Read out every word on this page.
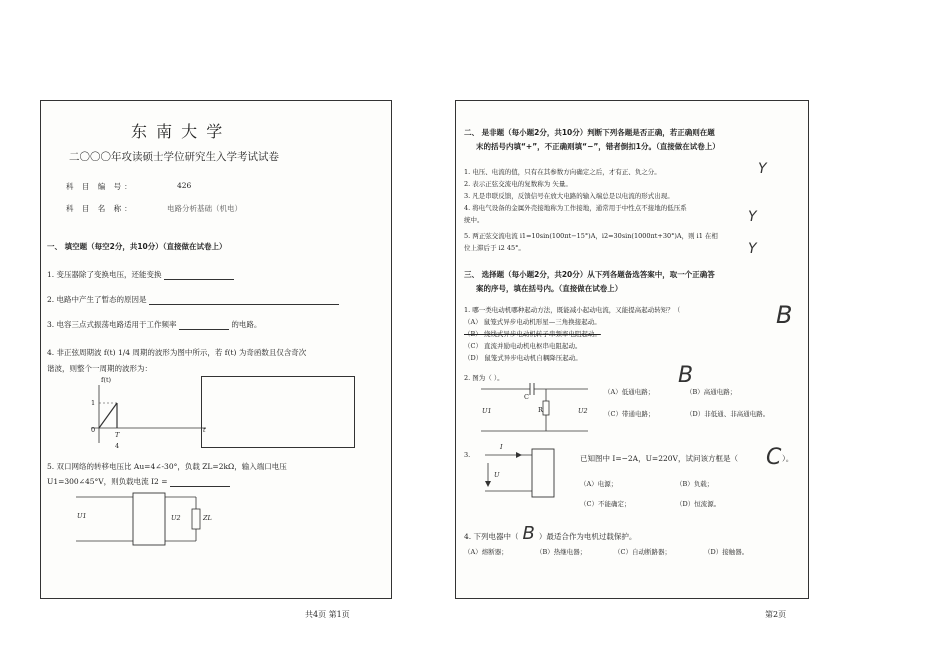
东 南 大 学
二〇〇〇年攻读硕士学位研究生入学考试试卷
科 目 编 号：	426
科 目 名 称：	电路分析基础（机电）
一、 填空题（每空2分，共10分）（直接做在试卷上）
1. 变压器除了变换电压，还能变换
2. 电路中产生了暂态的原因是
3. 电容三点式振荡电路适用于工作频率	的电路。
4. 非正弦周期波 f(t) 1/4 周期的波形为图中所示，若 f(t) 为奇函数且仅含奇次
谐波，则整个一周期的波形为：
f(t)
1
0
T
4
t
5. 双口网络的转移电压比 Au=4∠-30°，负载 ZL=2kΩ，输入端口电压
U1=300∠45°V，则负载电流 I2 =
U1	U2	ZL
共4页 第1页
二、 是非题（每小题2分，共10分）判断下列各题是否正确，若正确则在题
末的括号内填“+”，不正确则填“−”，错者倒扣1分。（直接做在试卷上）
1. 电压、电流的值，只有在其参数方向确定之后，才有正、负之分。
2. 表示正弦交流电的复数称为 矢量。
3. 凡是串联反馈，反馈信号在放大电路的输入端总是以电流的形式出现。
4. 将电气设备的金属外壳接地称为工作接地，通常用于中性点不接地的低压系
统中。
5. 两正弦交流电流 i1=10sin(100πt−15°)A，i2=30sin(1000πt+30°)A，则 i1 在相
位上滞后于 i2 45°。
Y
Y
Y
三、 选择题（每小题2分，共20分）从下列各题备选答案中，取一个正确答
案的序号，填在括号内。（直接做在试卷上）
1. 哪一类电动机哪种起动方法，既能减小起动电流，又能提高起动转矩？（
（A） 鼠笼式异步电动机形星—三角换接起动。
（B） 绕线式异步电动机转子串频率电阻起动。
（C） 直流并励电动机电枢串电阻起动。
（D） 鼠笼式异步电动机自耦降压起动。
B
2. 图为（ ）。	B
C
R
U1	U2
（A）低通电路；	（B）高通电路；
（C）带通电路；	（D）非低通、非高通电路。
3.
I
U
已知图中 I=−2A，U=220V，试问该方框是（ C ）。
（A）电源；	（B）负载；
（C）不能确定；	（D）恒流源。
4. 下列电器中（ B ）最适合作为电机过载保护。
（A）熔断器；	（B）热继电器；	（C）自动断路器；	（D）接触器。
第2页
